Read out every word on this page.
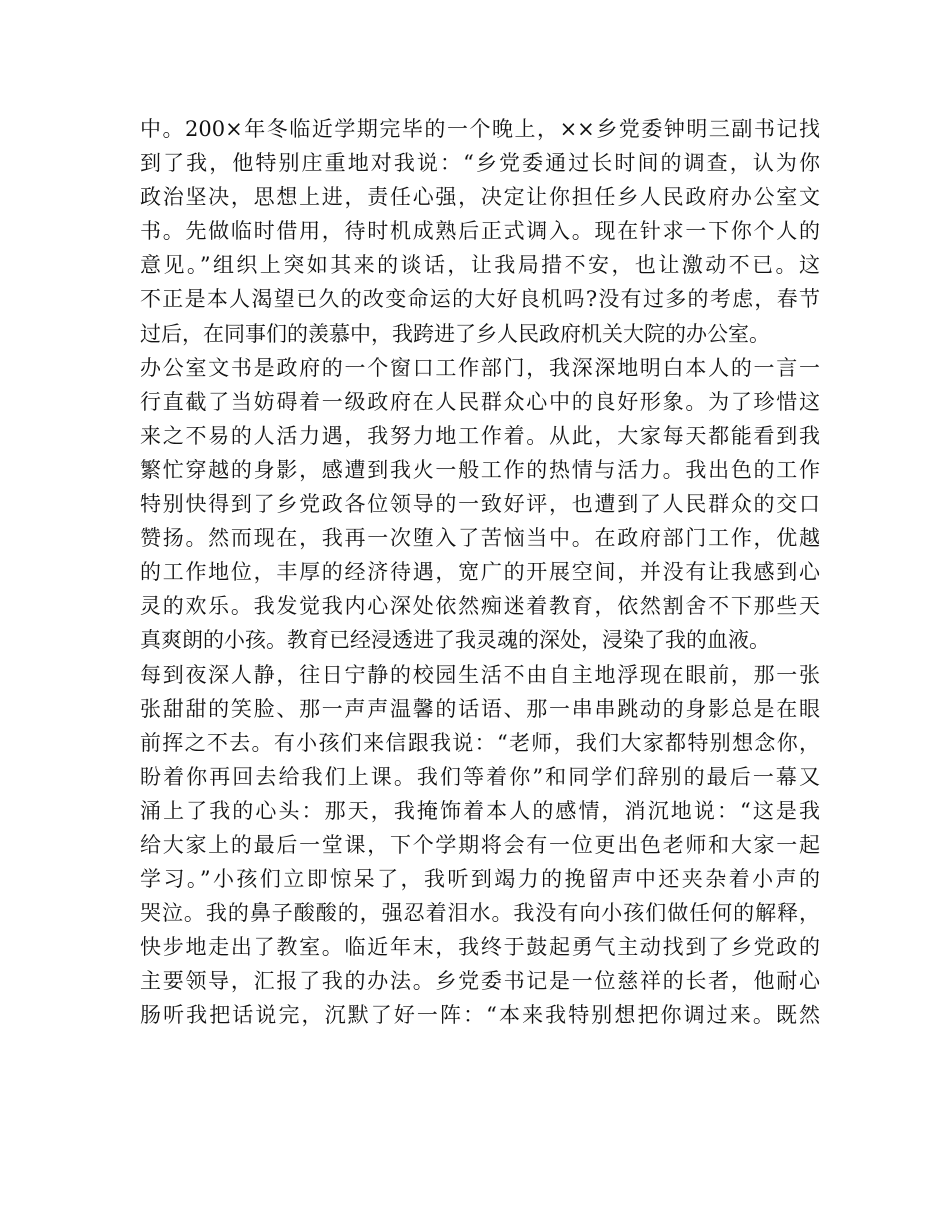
中。200×年冬临近学期完毕的一个晚上，××乡党委钟明三副书记找
到了我，他特别庄重地对我说：“乡党委通过长时间的调查，认为你
政治坚决，思想上进，责任心强，决定让你担任乡人民政府办公室文
书。先做临时借用，待时机成熟后正式调入。现在针求一下你个人的
意见。”组织上突如其来的谈话，让我局措不安，也让激动不已。这
不正是本人渴望已久的改变命运的大好良机吗?没有过多的考虑，春节
过后，在同事们的羡慕中，我跨进了乡人民政府机关大院的办公室。
办公室文书是政府的一个窗口工作部门，我深深地明白本人的一言一
行直截了当妨碍着一级政府在人民群众心中的良好形象。为了珍惜这
来之不易的人活力遇，我努力地工作着。从此，大家每天都能看到我
繁忙穿越的身影，感遭到我火一般工作的热情与活力。我出色的工作
特别快得到了乡党政各位领导的一致好评，也遭到了人民群众的交口
赞扬。然而现在，我再一次堕入了苦恼当中。在政府部门工作，优越
的工作地位，丰厚的经济待遇，宽广的开展空间，并没有让我感到心
灵的欢乐。我发觉我内心深处依然痴迷着教育，依然割舍不下那些天
真爽朗的小孩。教育已经浸透进了我灵魂的深处，浸染了我的血液。
每到夜深人静，往日宁静的校园生活不由自主地浮现在眼前，那一张
张甜甜的笑脸、那一声声温馨的话语、那一串串跳动的身影总是在眼
前挥之不去。有小孩们来信跟我说：“老师，我们大家都特别想念你，
盼着你再回去给我们上课。我们等着你”和同学们辞别的最后一幕又
涌上了我的心头：那天，我掩饰着本人的感情，消沉地说：“这是我
给大家上的最后一堂课，下个学期将会有一位更出色老师和大家一起
学习。”小孩们立即惊呆了，我听到竭力的挽留声中还夹杂着小声的
哭泣。我的鼻子酸酸的，强忍着泪水。我没有向小孩们做任何的解释，
快步地走出了教室。临近年末，我终于鼓起勇气主动找到了乡党政的
主要领导，汇报了我的办法。乡党委书记是一位慈祥的长者，他耐心
肠听我把话说完，沉默了好一阵：“本来我特别想把你调过来。既然
